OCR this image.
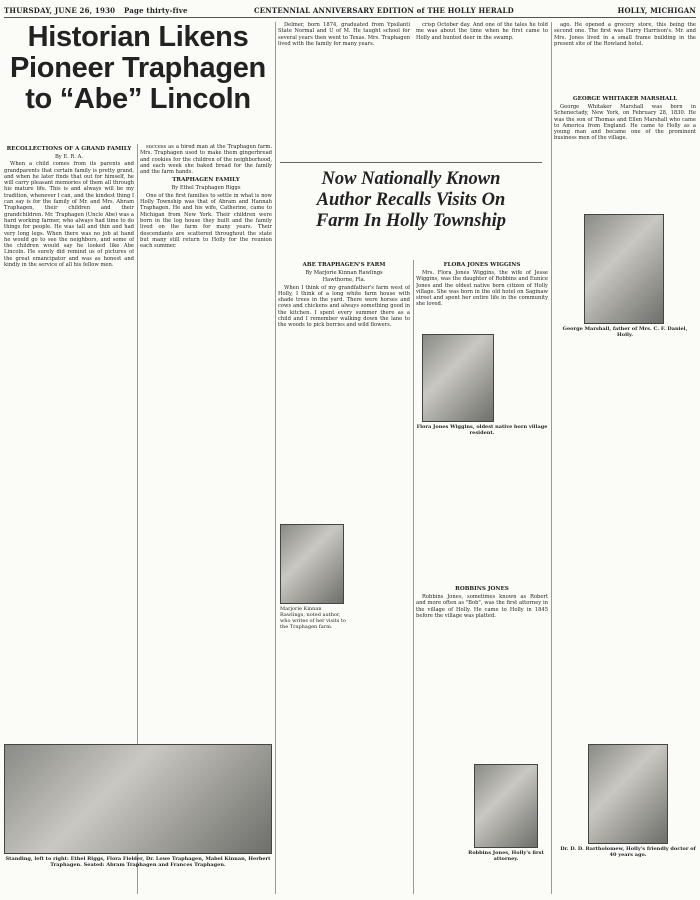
THURSDAY, JUNE 26, 1930 Page thirty-five	CENTENNIAL ANNIVERSARY EDITION of THE HOLLY HERALD	HOLLY, MICHIGAN
Historian Likens
Pioneer Traphagen
to “Abe” Lincoln

RECOLLECTIONS OF A GRAND FAMILY

By E. R. A.

When a child comes from its parents and grandparents that certain family is pretty grand, and when he later finds that out for himself, he will carry pleasant memories of them all through his mature life. This is and always will be my tradition, whenever I can, and the kindest thing I can say is for the family of Mr. and Mrs. Abram Traphagen, their children and their grandchildren. Mr. Traphagen (Uncle Abe) was a hard working farmer, who always had time to do things for people. He was tall and thin and had very long legs. When there was no job at hand he would go to see the neighbors, and some of the children would say he looked like Abe Lincoln. He surely did remind us of pictures of the great emancipator and was as honest and kindly in the service of all his fellow men.

success as a hired man at the Traphagen farm. Mrs. Traphagen used to make them gingerbread and cookies for the children of the neighborhood, and each week she baked bread for the family and the farm hands.

TRAPHAGEN FAMILY

By Ethel Traphagen Riggs

One of the first families to settle in what is now Holly Township was that of Abram and Hannah Traphagen. He and his wife, Catherine, came to Michigan from New York. Their children were born in the log house they built and the family lived on the farm for many years. Their descendants are scattered throughout the state but many still return to Holly for the reunion each summer.

Standing, left to right: Ethel Riggs, Flora Fielder, Dr. Lowe Traphagen, Mabel Kinnan, Herbert Traphagen. Seated: Abram Traphagen and Frances Traphagen.

Delmer, born 1874, graduated from Ypsilanti State Normal and U of M. He taught school for several years then went to Texas. Mrs. Traphagen lived with the family for many years.

Now Nationally Known
Author Recalls Visits On
Farm In Holly Township

ABE TRAPHAGEN'S FARM

By Marjorie Kinnan Rawlings

Hawthorne, Fla.

When I think of my grandfather's farm west of Holly, I think of a long white farm house with shade trees in the yard. There were horses and cows and chickens and always something good in the kitchen. I spent every summer there as a child and I remember walking down the lane to the woods to pick berries and wild flowers.

Marjorie Kinnan Rawlings, noted author, who writes of her visits to the Traphagen farm.

crisp October day. And one of the tales he told me was about the time when he first came to Holly and hunted deer in the swamp.

FLORA JONES WIGGINS

Mrs. Flora Jones Wiggins, the wife of Jesse Wiggins, was the daughter of Robbins and Eunice Jones and the oldest native born citizen of Holly village. She was born in the old hotel on Saginaw street and spent her entire life in the community she loved.

Flora Jones Wiggins, oldest native born village resident.

ROBBINS JONES

Robbins Jones, sometimes known as Robert and more often as "Bob", was the first attorney in the village of Holly. He came to Holly in 1845 before the village was platted.

Robbins Jones, Holly's first attorney.

ago. He opened a grocery store, this being the second one. The first was Harry Harrison's. Mr. and Mrs. Jones lived in a small frame building in the present site of the Rowland hotel.

GEORGE WHITAKER MARSHALL

George Whitaker Marshall was born in Schenectady, New York, on February 28, 1830. He was the son of Thomas and Ellen Marshall who came to America from England. He came to Holly as a young man and became one of the prominent business men of the village.

George Marshall, father of Mrs. C. F. Daniel, Holly.
Dr. D. D. Bartholomew, Holly's friendly doctor of 40 years ago.
